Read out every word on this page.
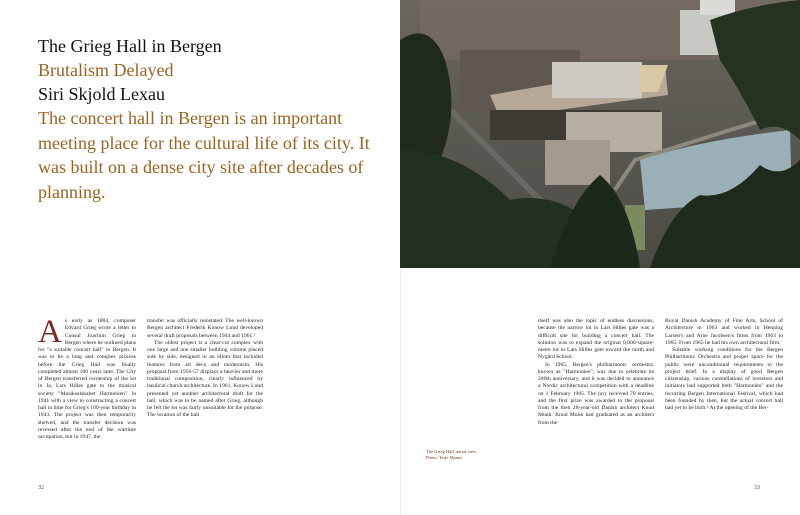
The Grieg Hall in Bergen
Brutalism Delayed
Siri Skjold Lexau

The concert hall in Bergen is an important meeting place for the cultural life of its city. It was built on a dense city site after decades of planning.

A s early as 1884, composer Edvard Grieg wrote a letter to Consul Joachim Grieg in Bergen where he outlined plans for "a suitable concert hall" in Bergen. It was to be a long and complex process before the Grieg Hall was finally completed almost 100 years later. The City of Bergen transferred ownership of the lot in Ja, Lars Hilles gate to the musical society "Musikselskabet Harmonien" in 1941 with a view to constructing a concert hall in time for Grieg's 100-year birthday in 1943. The project was then temporarily shelved, and the transfer decision was reversed after the end of the wartime occupation, but in 1947, the

transfer was officially reinstated. The well-known Bergen architect Frederik Konow Lund developed several draft proposals between 1944 and 1961.¹

The oldest project is a clear-cut complex with one large and one smaller building volume placed side by side, designed in an idiom that included features from art deco and modernism. His proposal from 1956-57 displays a heavier and more traditional composition, clearly influenced by basilical church architecture. In 1961, Konow Lund presented yet another architectural draft for the hall, which was to be named after Grieg, although he felt the lot was fairly unsuitable for the purpose. The location of the hall

itself was also the topic of endless discussions, because the narrow lot in Lars Hilles gate was a difficult site for building a concert hall. The solution was to expand the original 6,000-square-metre lot in Lars Hilles gate toward the north and Nygård School.

In 1965, Bergen's philharmonic orchestra, known as "Harmonien", was due to celebrate its 200th anniversary, and it was decided to announce a Nordic architectural competition with a deadline on 1 February 1965. The jury received 70 entries, and the first prize was awarded to the proposal from the then 28-year-old Danish architect Knud Munk. Knud Munk had graduated as an architect from the

Royal Danish Academy of Fine Arts, School of Architecture in 1963 and worked in Henning Larsen's and Arne Jacobsen's firms from 1963 to 1965. From 1965 he had his own architectural firm.

Suitable working conditions for the Bergen Philharmonic Orchestra and proper space for the public were unconditional requirements in the project brief. In a display of good Bergen citizenship, various constellations of investors and initiators had supported both "Harmonien" and the recurring Bergen International Festival, which had been founded by then, but the actual concert hall had yet to be built.² At the opening of the Ber-

The Grieg Hall, aerial view
Photo: Terje Moum
32	33
